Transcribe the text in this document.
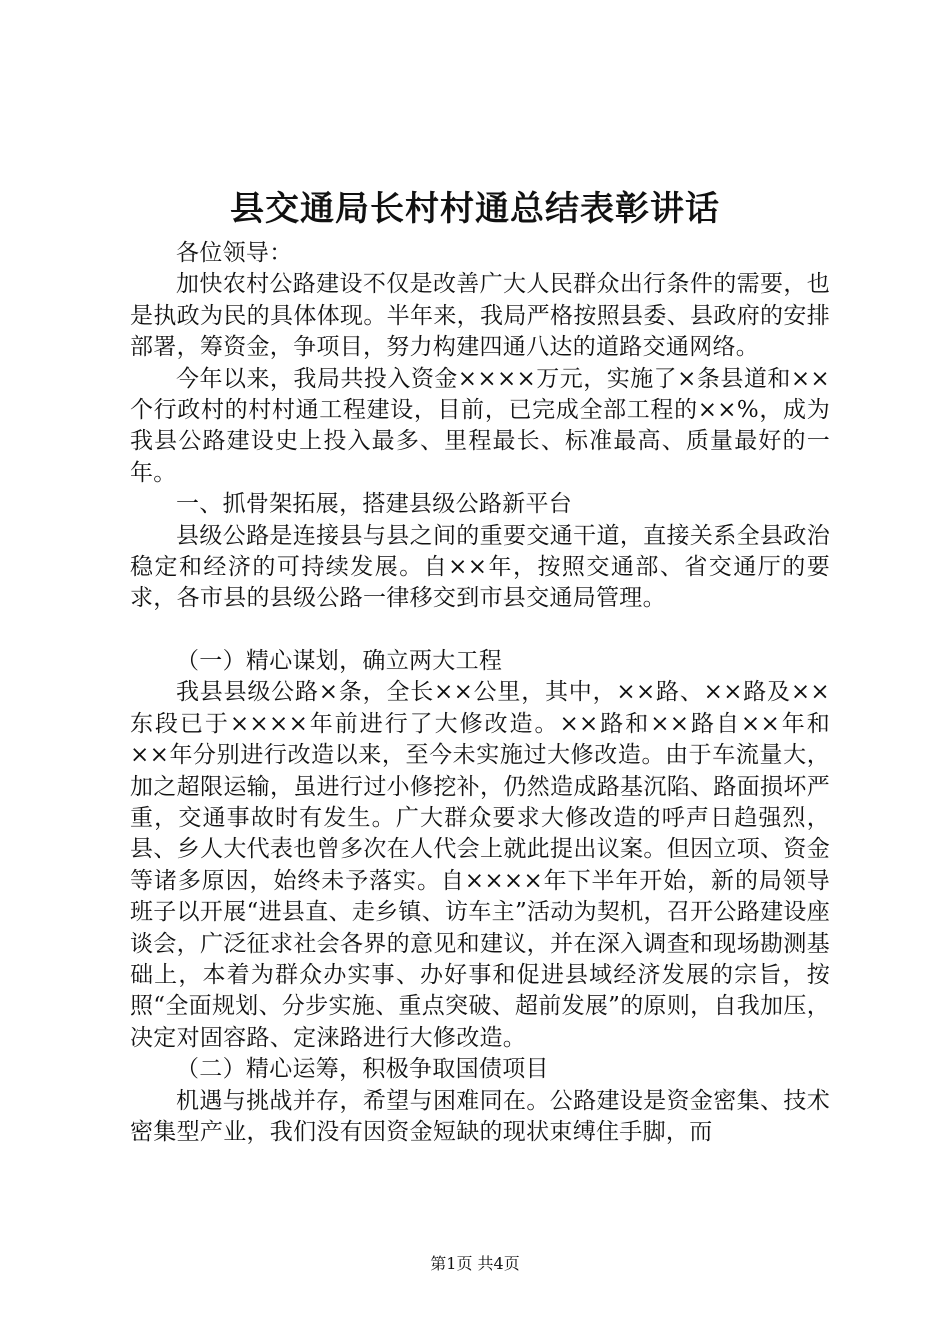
县交通局长村村通总结表彰讲话

各位领导：

加快农村公路建设不仅是改善广大人民群众出行条件的需要，也是执政为民的具体体现。半年来，我局严格按照县委、县政府的安排部署，筹资金，争项目，努力构建四通八达的道路交通网络。

今年以来，我局共投入资金××××万元，实施了×条县道和××个行政村的村村通工程建设，目前，已完成全部工程的××%，成为我县公路建设史上投入最多、里程最长、标准最高、质量最好的一年。

一、抓骨架拓展，搭建县级公路新平台

县级公路是连接县与县之间的重要交通干道，直接关系全县政治稳定和经济的可持续发展。自××年，按照交通部、省交通厅的要求，各市县的县级公路一律移交到市县交通局管理。

（一）精心谋划，确立两大工程

我县县级公路×条，全长××公里，其中，××路、××路及××东段已于××××年前进行了大修改造。××路和××路自××年和××年分别进行改造以来，至今未实施过大修改造。由于车流量大，加之超限运输，虽进行过小修挖补，仍然造成路基沉陷、路面损坏严重，交通事故时有发生。广大群众要求大修改造的呼声日趋强烈，县、乡人大代表也曾多次在人代会上就此提出议案。但因立项、资金等诸多原因，始终未予落实。自××××年下半年开始，新的局领导班子以开展“进县直、走乡镇、访车主”活动为契机，召开公路建设座谈会，广泛征求社会各界的意见和建议，并在深入调查和现场勘测基础上，本着为群众办实事、办好事和促进县域经济发展的宗旨，按照“全面规划、分步实施、重点突破、超前发展”的原则，自我加压，决定对固容路、定涞路进行大修改造。

（二）精心运筹，积极争取国债项目

机遇与挑战并存，希望与困难同在。公路建设是资金密集、技术密集型产业，我们没有因资金短缺的现状束缚住手脚，而

第1页 共4页
